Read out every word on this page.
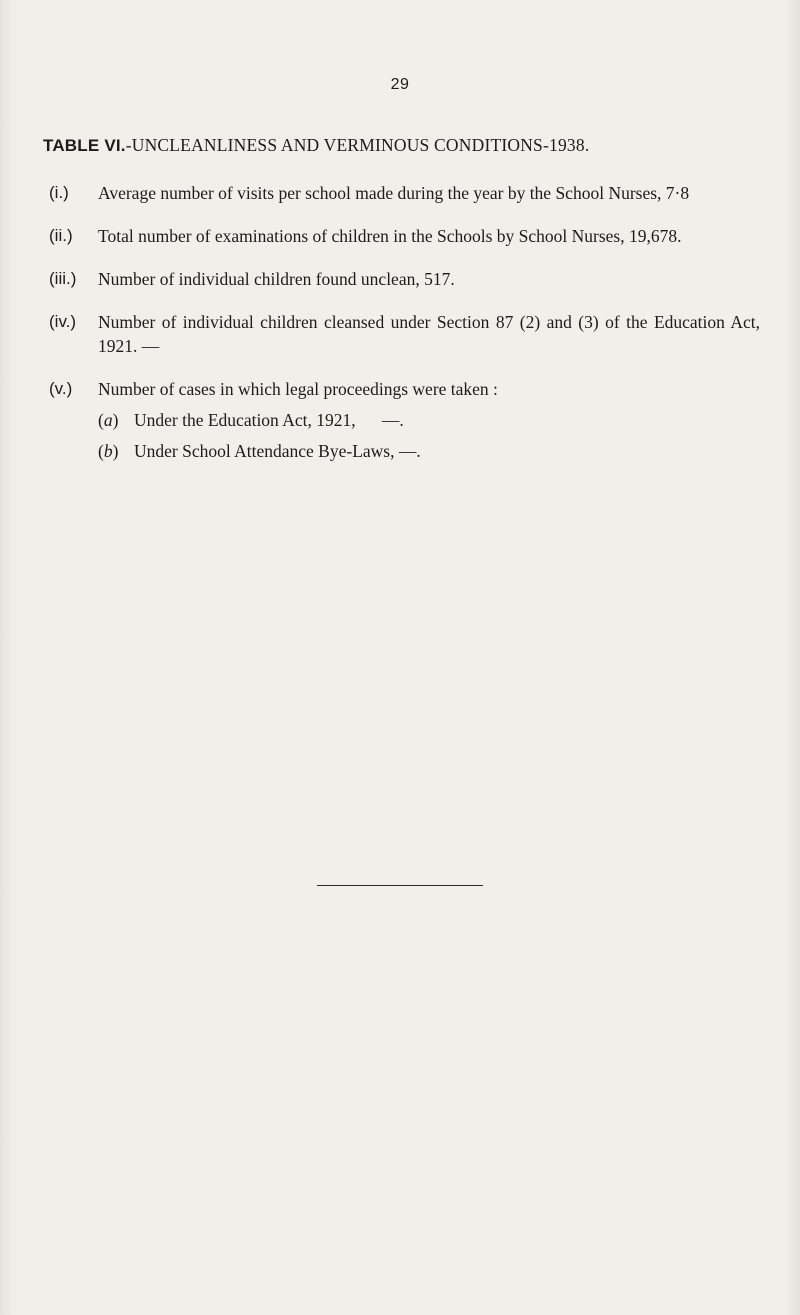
29
TABLE VI.-UNCLEANLINESS AND VERMINOUS CONDITIONS-1938.
(i.) Average number of visits per school made during the year by the School Nurses, 7·8
(ii.) Total number of examinations of children in the Schools by School Nurses, 19,678.
(iii.) Number of individual children found unclean, 517.
(iv.) Number of individual children cleansed under Section 87 (2) and (3) of the Education Act, 1921. —
(v.) Number of cases in which legal proceedings were taken :
(a) Under the Education Act, 1921,      —.
(b) Under School Attendance Bye-Laws, —.
